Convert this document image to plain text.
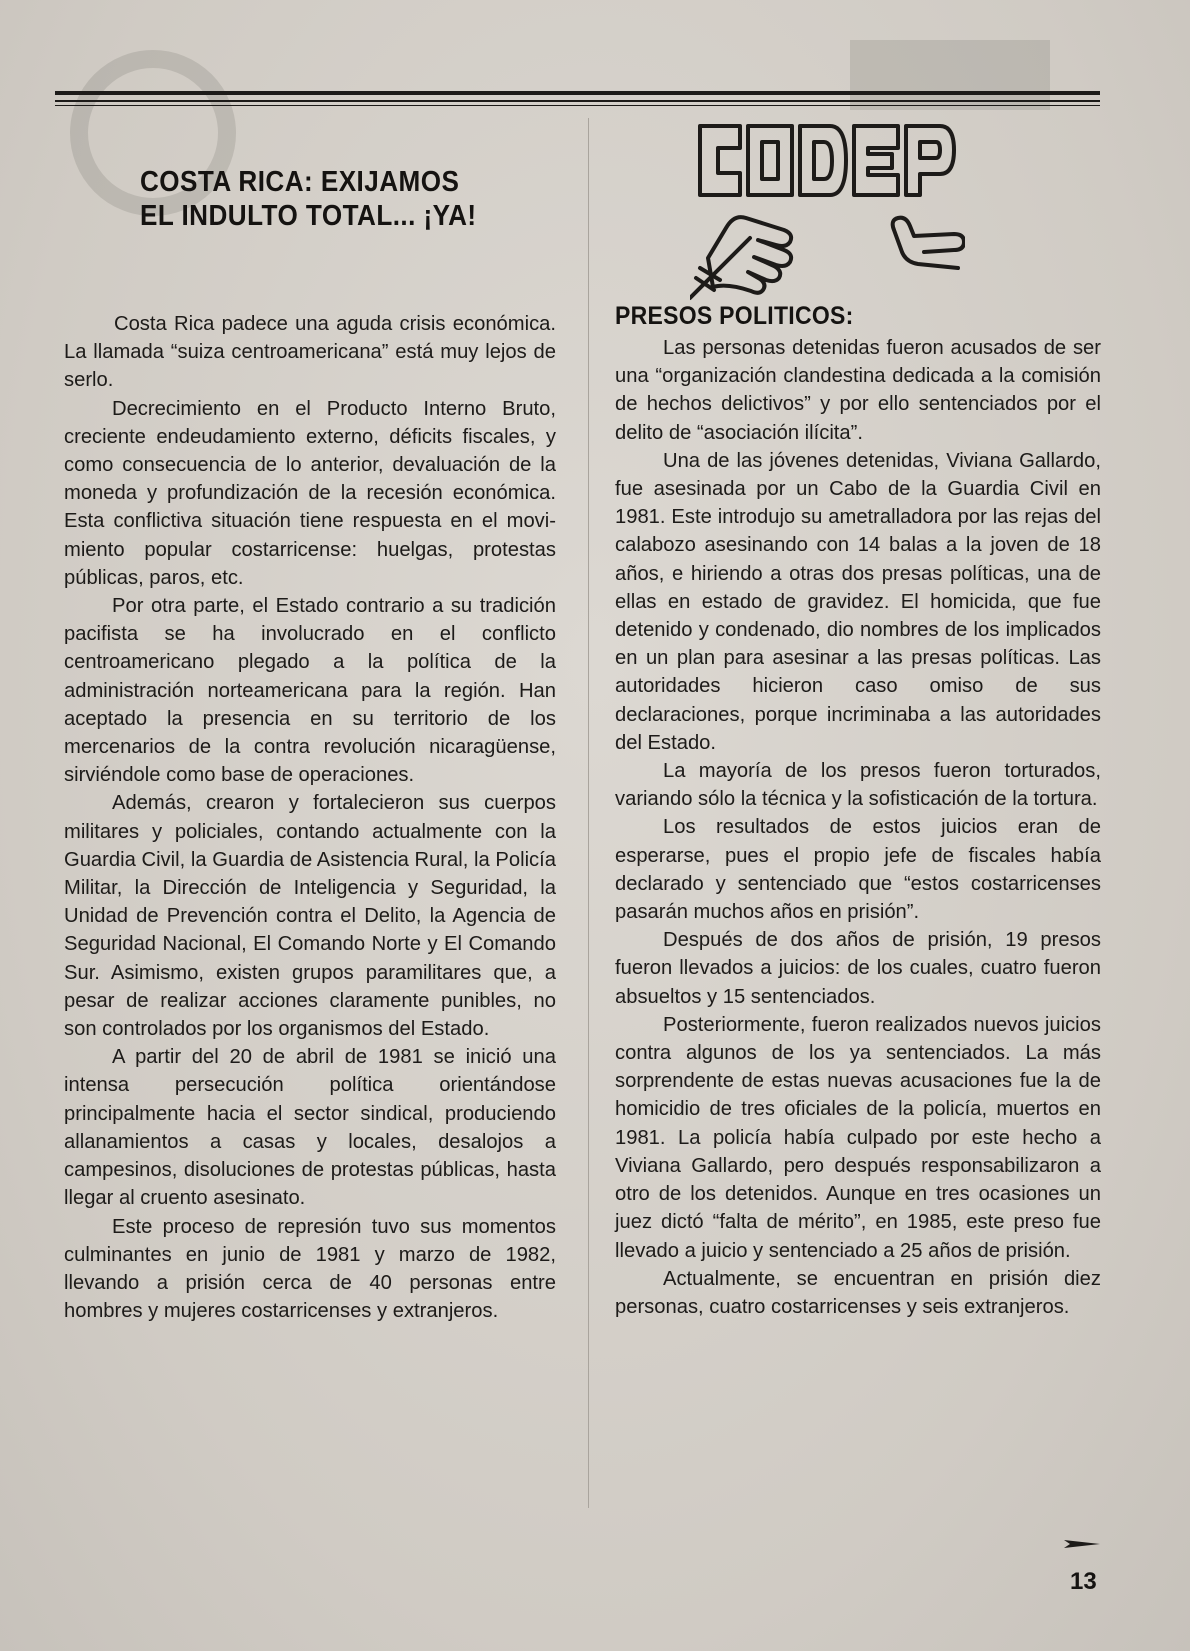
COSTA RICA: EXIJAMOS
EL INDULTO TOTAL... ¡YA!

Costa Rica padece una aguda crisis económica. La llamada “suiza centroamericana” está muy lejos de serlo.

Decrecimiento en el Producto Interno Bruto, creciente endeudamiento externo, déficits fiscales, y como consecuencia de lo anterior, devaluación de la moneda y profundización de la recesión económica. Esta conflictiva situación tiene respuesta en el movimiento popular costarricense: huelgas, protestas públicas, paros, etc.

Por otra parte, el Estado contrario a su tradición pacifista se ha involucrado en el conflicto centroamericano plegado a la política de la administración norteamericana para la región. Han aceptado la presencia en su territorio de los mercenarios de la contra revolución nicaragüense, sirviéndole como base de operaciones.

Además, crearon y fortalecieron sus cuerpos militares y policiales, contando actualmente con la Guardia Civil, la Guardia de Asistencia Rural, la Policía Militar, la Dirección de Inteligencia y Seguridad, la Unidad de Prevención contra el Delito, la Agencia de Seguridad Nacional, El Comando Norte y El Comando Sur. Asimismo, existen grupos paramilitares que, a pesar de realizar acciones claramente punibles, no son controlados por los organismos del Estado.

A partir del 20 de abril de 1981 se inició una intensa persecución política orientándose principalmente hacia el sector sindical, produciendo allanamientos a casas y locales, desalojos a campesinos, disoluciones de protestas públicas, hasta llegar al cruento asesinato.

Este proceso de represión tuvo sus momentos culminantes en junio de 1981 y marzo de 1982, llevando a prisión cerca de 40 personas entre hombres y mujeres costarricenses y extranjeros.

PRESOS POLITICOS:

Las personas detenidas fueron acusados de ser una “organización clandestina dedicada a la comisión de hechos delictivos” y por ello sentenciados por el delito de “asociación ilícita”.

Una de las jóvenes detenidas, Viviana Gallardo, fue asesinada por un Cabo de la Guardia Civil en 1981. Este introdujo su ametralladora por las rejas del calabozo asesinando con 14 balas a la joven de 18 años, e hiriendo a otras dos presas políticas, una de ellas en estado de gravidez. El homicida, que fue detenido y condenado, dio nombres de los implicados en un plan para asesinar a las presas políticas. Las autoridades hicieron caso omiso de sus declaraciones, porque incriminaba a las autoridades del Estado.

La mayoría de los presos fueron torturados, variando sólo la técnica y la sofisticación de la tortura.

Los resultados de estos juicios eran de esperarse, pues el propio jefe de fiscales había declarado y sentenciado que “estos costarricenses pasarán muchos años en prisión”.

Después de dos años de prisión, 19 presos fueron llevados a juicios: de los cuales, cuatro fueron absueltos y 15 sentenciados.

Posteriormente, fueron realizados nuevos juicios contra algunos de los ya sentenciados. La más sorprendente de estas nuevas acusaciones fue la de homicidio de tres oficiales de la policía, muertos en 1981. La policía había culpado por este hecho a Viviana Gallardo, pero después responsabilizaron a otro de los detenidos. Aunque en tres ocasiones un juez dictó “falta de mérito”, en 1985, este preso fue llevado a juicio y sentenciado a 25 años de prisión.

Actualmente, se encuentran en prisión diez personas, cuatro costarricenses y seis extranjeros.

13
